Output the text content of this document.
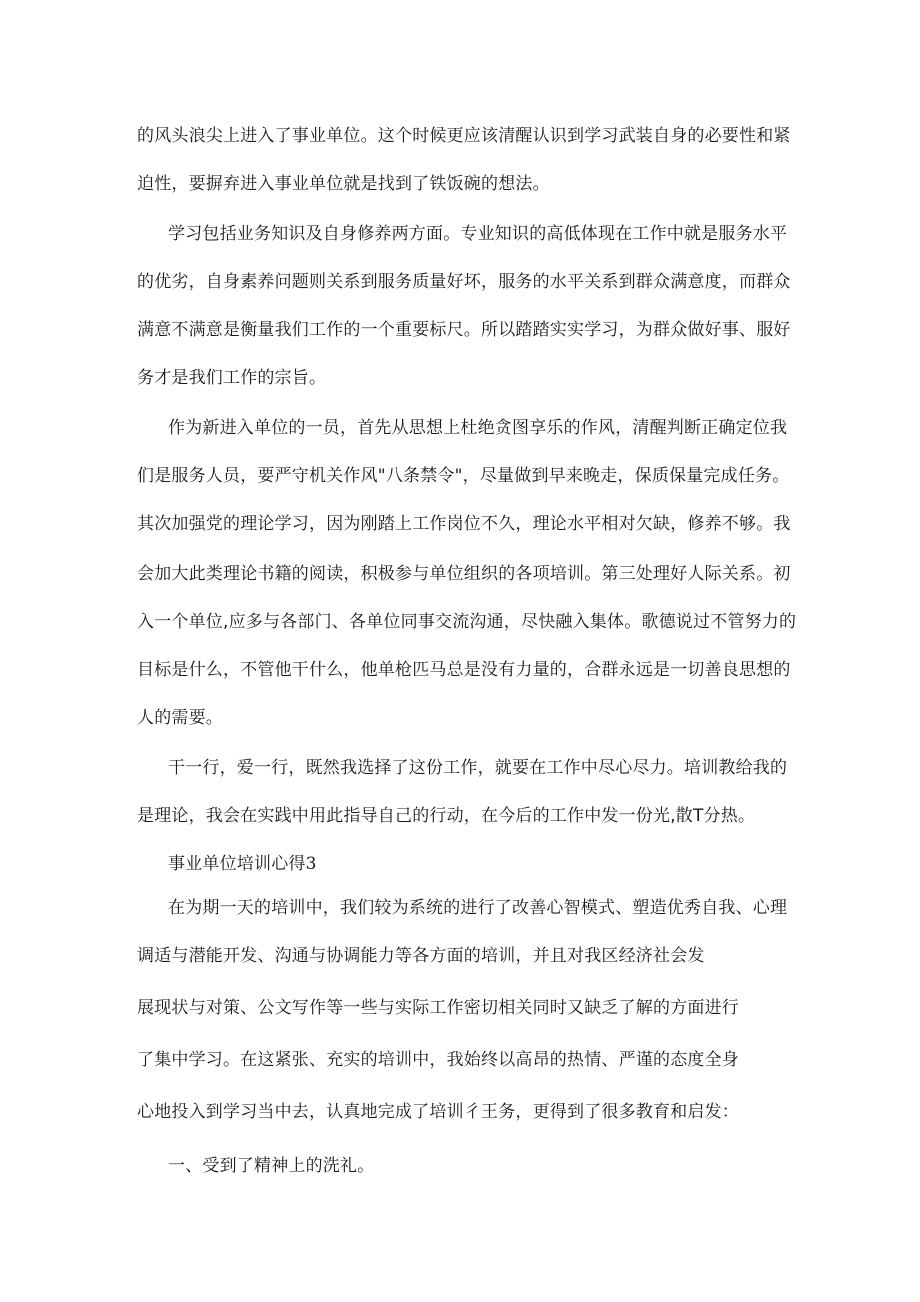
的风头浪尖上进入了事业单位。这个时候更应该清醒认识到学习武装自身的必要性和紧
迫性，要摒弃进入事业单位就是找到了铁饭碗的想法。
学习包括业务知识及自身修养两方面。专业知识的高低体现在工作中就是服务水平
的优劣，自身素养问题则关系到服务质量好坏，服务的水平关系到群众满意度，而群众
满意不满意是衡量我们工作的一个重要标尺。所以踏踏实实学习，为群众做好事、服好
务才是我们工作的宗旨。
作为新进入单位的一员，首先从思想上杜绝贪图享乐的作风，清醒判断正确定位我
们是服务人员，要严守机关作风"八条禁令"，尽量做到早来晚走，保质保量完成任务。
其次加强党的理论学习，因为刚踏上工作岗位不久，理论水平相对欠缺，修养不够。我
会加大此类理论书籍的阅读，积极参与单位组织的各项培训。第三处理好人际关系。初
入一个单位,应多与各部门、各单位同事交流沟通，尽快融入集体。歌德说过不管努力的
目标是什么，不管他干什么，他单枪匹马总是没有力量的，合群永远是一切善良思想的
人的需要。
干一行，爱一行，既然我选择了这份工作，就要在工作中尽心尽力。培训教给我的
是理论，我会在实践中用此指导自己的行动，在今后的工作中发一份光,散T分热。
事业单位培训心得3
在为期一天的培训中，我们较为系统的进行了改善心智模式、塑造优秀自我、心理
调适与潜能开发、沟通与协调能力等各方面的培训，并且对我区经济社会发
展现状与对策、公文写作等一些与实际工作密切相关同时又缺乏了解的方面进行
了集中学习。在这紧张、充实的培训中，我始终以高昂的热情、严谨的态度全身
心地投入到学习当中去，认真地完成了培训彳王务，更得到了很多教育和启发：
一、受到了精神上的洗礼。
